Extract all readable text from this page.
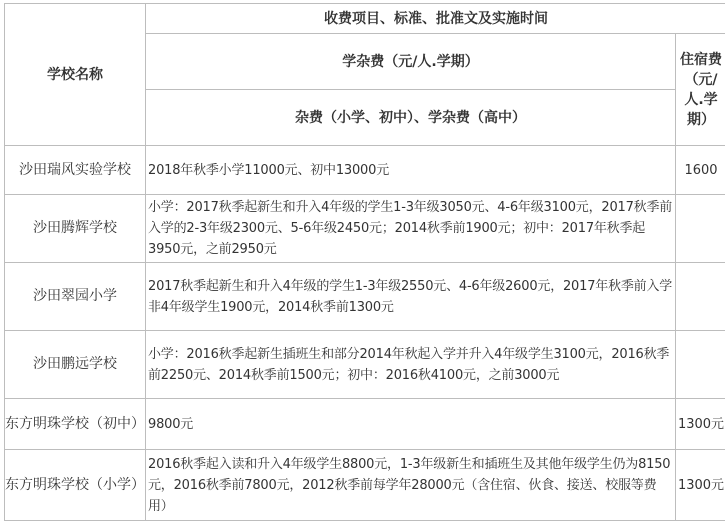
学校名称	收费项目、标准、批准文及实施时间	
	学杂费（元/人.学期）	住宿费（元/人.学期）
	杂费（小学、初中）、学杂费（高中）	
沙田瑞风实验学校	2018年秋季小学11000元、初中13000元	1600
沙田腾辉学校	小学：2017秋季起新生和升入4年级的学生1-3年级3050元、4-6年级3100元，2017秋季前入学的2-3年级2300元、5-6年级2450元；2014秋季前1900元；初中：2017年秋季起3950元，之前2950元	
沙田翠园小学	2017秋季起新生和升入4年级的学生1-3年级2550元、4-6年级2600元，2017年秋季前入学非4年级学生1900元，2014秋季前1300元	
沙田鹏远学校	小学：2016秋季起新生插班生和部分2014年秋起入学并升入4年级学生3100元，2016秋季前2250元、2014秋季前1500元；初中：2016秋4100元，之前3000元	
东方明珠学校（初中）	9800元	1300元
东方明珠学校（小学）	2016秋季起入读和升入4年级学生8800元，1-3年级新生和插班生及其他年级学生仍为8150元，2016秋季前7800元，2012秋季前每学年28000元（含住宿、伙食、接送、校服等费用）	1300元
